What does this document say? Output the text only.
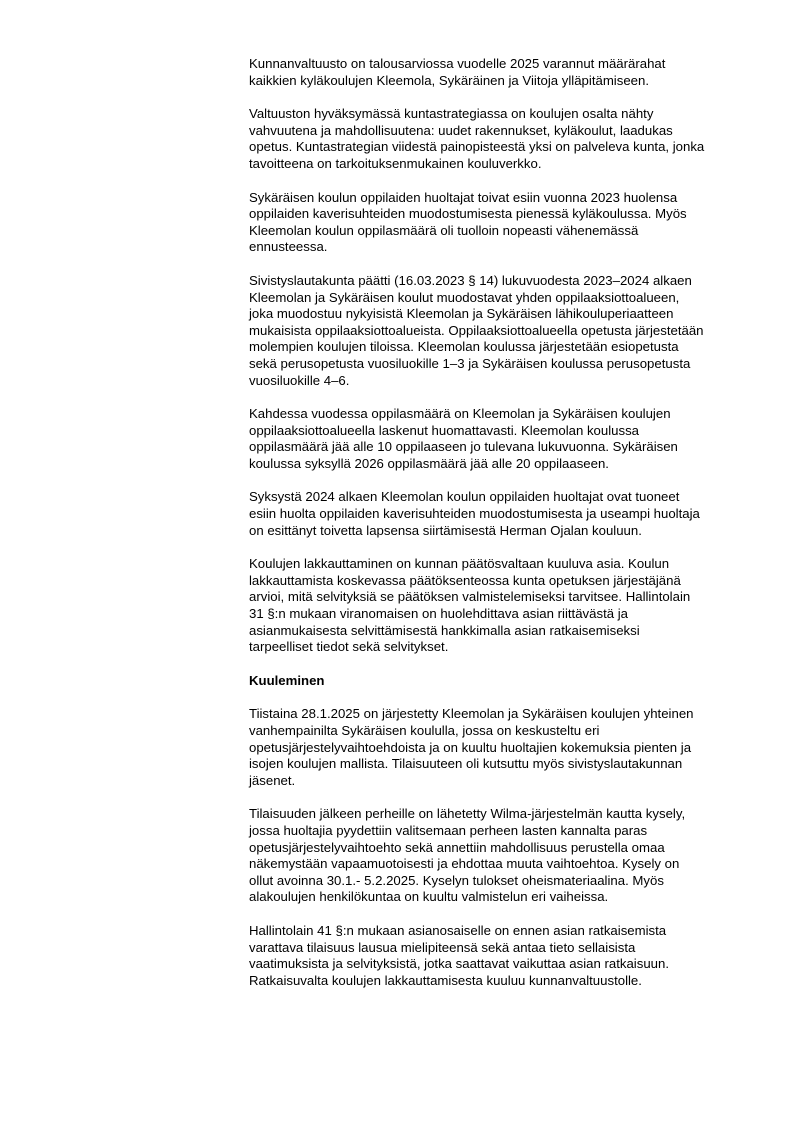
Kunnanvaltuusto on talousarviossa vuodelle 2025 varannut määrärahat
kaikkien kyläkoulujen Kleemola, Sykäräinen ja Viitoja ylläpitämiseen.

Valtuuston hyväksymässä kuntastrategiassa on koulujen osalta nähty
vahvuutena ja mahdollisuutena: uudet rakennukset, kyläkoulut, laadukas
opetus. Kuntastrategian viidestä painopisteestä yksi on palveleva kunta, jonka
tavoitteena on tarkoituksenmukainen kouluverkko.

Sykäräisen koulun oppilaiden huoltajat toivat esiin vuonna 2023 huolensa
oppilaiden kaverisuhteiden muodostumisesta pienessä kyläkoulussa. Myös
Kleemolan koulun oppilasmäärä oli tuolloin nopeasti vähenemässä
ennusteessa.

Sivistyslautakunta päätti (16.03.2023 § 14) lukuvuodesta 2023–2024 alkaen
Kleemolan ja Sykäräisen koulut muodostavat yhden oppilaaksiottoalueen,
joka muodostuu nykyisistä Kleemolan ja Sykäräisen lähikouluperiaatteen
mukaisista oppilaaksiottoalueista. Oppilaaksiottoalueella opetusta järjestetään
molempien koulujen tiloissa. Kleemolan koulussa järjestetään esiopetusta
sekä perusopetusta vuosiluokille 1–3 ja Sykäräisen koulussa perusopetusta
vuosiluokille 4–6.

Kahdessa vuodessa oppilasmäärä on Kleemolan ja Sykäräisen koulujen
oppilaaksiottoalueella laskenut huomattavasti. Kleemolan koulussa
oppilasmäärä jää alle 10 oppilaaseen jo tulevana lukuvuonna. Sykäräisen
koulussa syksyllä 2026 oppilasmäärä jää alle 20 oppilaaseen.

Syksystä 2024 alkaen Kleemolan koulun oppilaiden huoltajat ovat tuoneet
esiin huolta oppilaiden kaverisuhteiden muodostumisesta ja useampi huoltaja
on esittänyt toivetta lapsensa siirtämisestä Herman Ojalan kouluun.

Koulujen lakkauttaminen on kunnan päätösvaltaan kuuluva asia. Koulun
lakkauttamista koskevassa päätöksenteossa kunta opetuksen järjestäjänä
arvioi, mitä selvityksiä se päätöksen valmistelemiseksi tarvitsee. Hallintolain
31 §:n mukaan viranomaisen on huolehdittava asian riittävästä ja
asianmukaisesta selvittämisestä hankkimalla asian ratkaisemiseksi
tarpeelliset tiedot sekä selvitykset.

Kuuleminen

Tiistaina 28.1.2025 on järjestetty Kleemolan ja Sykäräisen koulujen yhteinen
vanhempainilta Sykäräisen koululla, jossa on keskusteltu eri
opetusjärjestelyvaihtoehdoista ja on kuultu huoltajien kokemuksia pienten ja
isojen koulujen mallista. Tilaisuuteen oli kutsuttu myös sivistyslautakunnan
jäsenet.

Tilaisuuden jälkeen perheille on lähetetty Wilma-järjestelmän kautta kysely,
jossa huoltajia pyydettiin valitsemaan perheen lasten kannalta paras
opetusjärjestelyvaihtoehto sekä annettiin mahdollisuus perustella omaa
näkemystään vapaamuotoisesti ja ehdottaa muuta vaihtoehtoa. Kysely on
ollut avoinna 30.1.- 5.2.2025. Kyselyn tulokset oheismateriaalina. Myös
alakoulujen henkilökuntaa on kuultu valmistelun eri vaiheissa.

Hallintolain 41 §:n mukaan asianosaiselle on ennen asian ratkaisemista
varattava tilaisuus lausua mielipiteensä sekä antaa tieto sellaisista
vaatimuksista ja selvityksistä, jotka saattavat vaikuttaa asian ratkaisuun.
Ratkaisuvalta koulujen lakkauttamisesta kuuluu kunnanvaltuustolle.
